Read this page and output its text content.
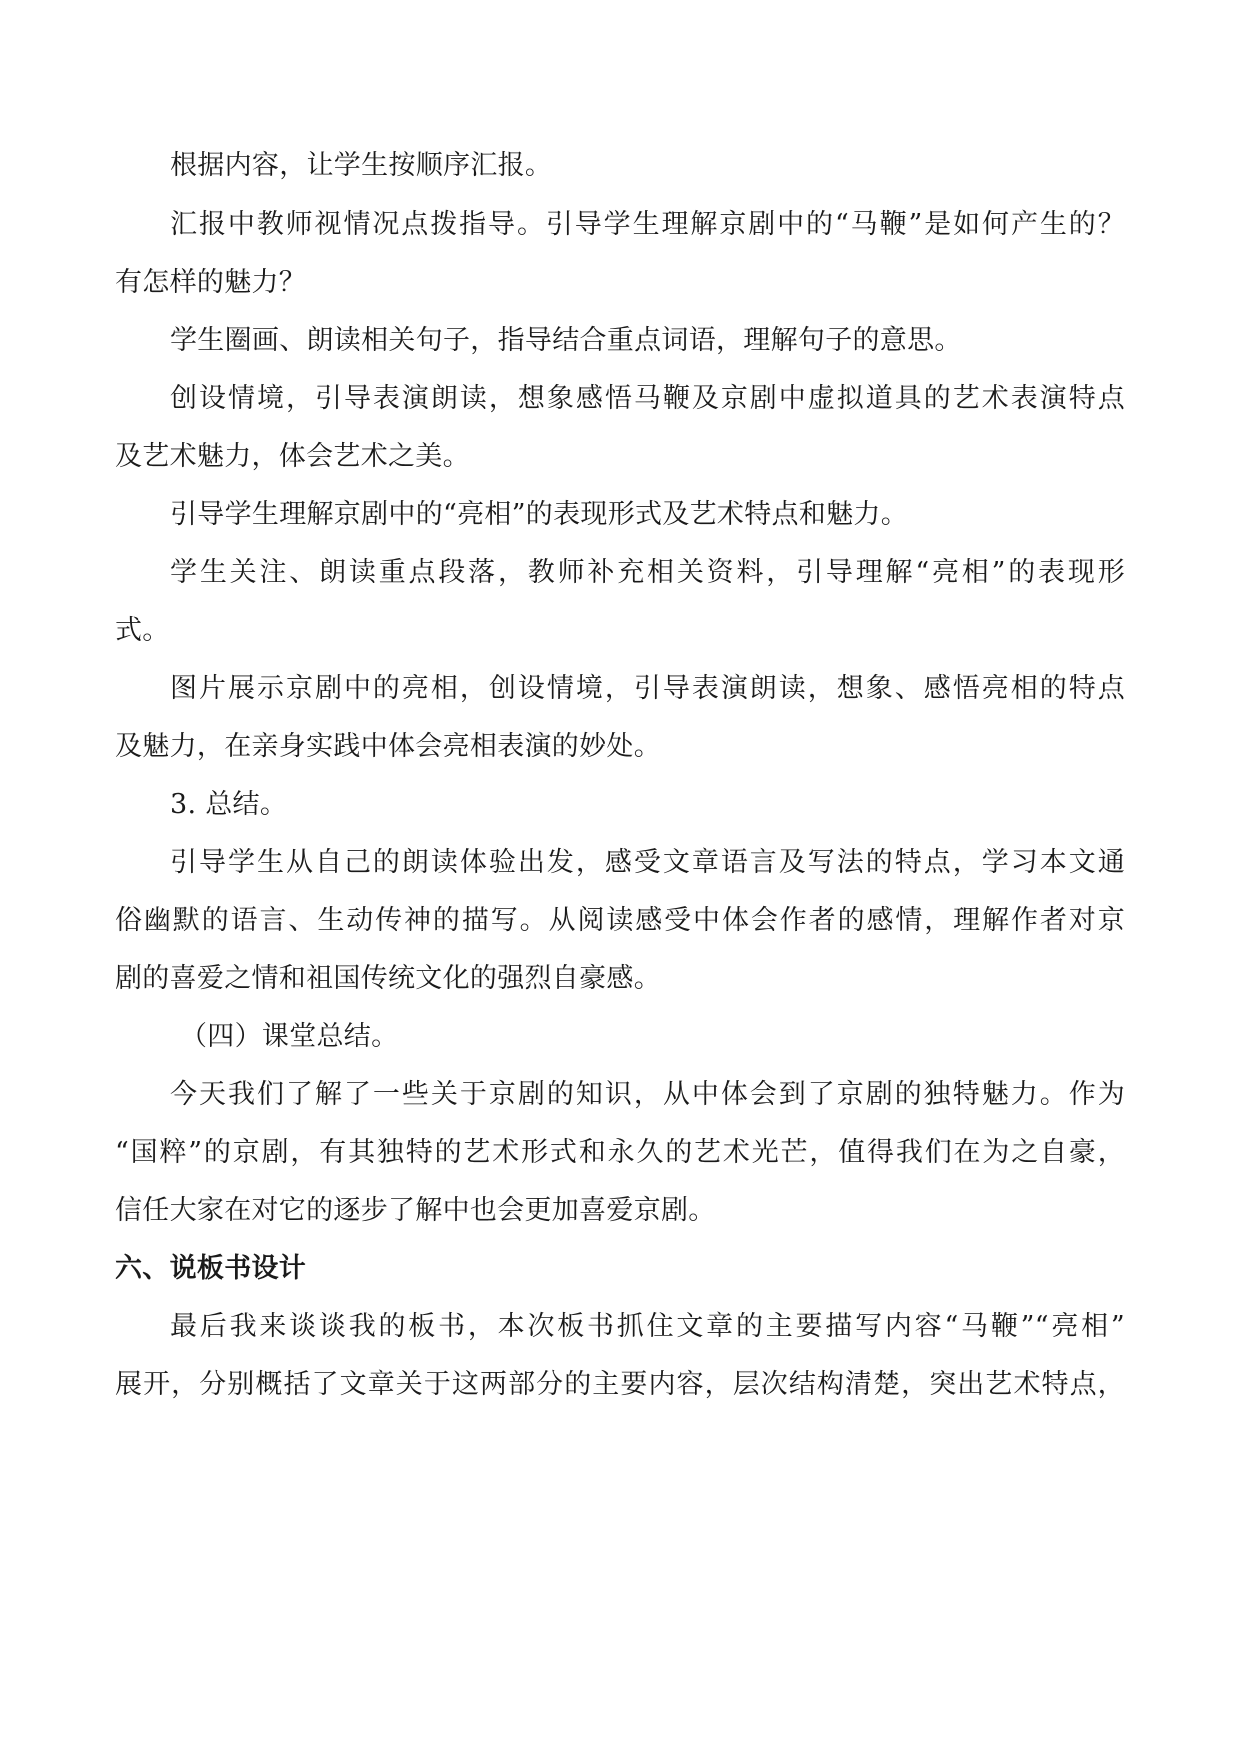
根据内容，让学生按顺序汇报。
汇报中教师视情况点拨指导。引导学生理解京剧中的“马鞭”是如何产生的？
有怎样的魅力？
学生圈画、朗读相关句子，指导结合重点词语，理解句子的意思。
创设情境，引导表演朗读，想象感悟马鞭及京剧中虚拟道具的艺术表演特点
及艺术魅力，体会艺术之美。
引导学生理解京剧中的“亮相”的表现形式及艺术特点和魅力。
学生关注、朗读重点段落，教师补充相关资料，引导理解“亮相”的表现形
式。
图片展示京剧中的亮相，创设情境，引导表演朗读，想象、感悟亮相的特点
及魅力，在亲身实践中体会亮相表演的妙处。
3. 总结。
引导学生从自己的朗读体验出发，感受文章语言及写法的特点，学习本文通
俗幽默的语言、生动传神的描写。从阅读感受中体会作者的感情，理解作者对京
剧的喜爱之情和祖国传统文化的强烈自豪感。
（四）课堂总结。
今天我们了解了一些关于京剧的知识，从中体会到了京剧的独特魅力。作为
“国粹”的京剧，有其独特的艺术形式和永久的艺术光芒，值得我们在为之自豪，
信任大家在对它的逐步了解中也会更加喜爱京剧。
六、说板书设计
最后我来谈谈我的板书，本次板书抓住文章的主要描写内容“马鞭”“亮相”
展开，分别概括了文章关于这两部分的主要内容，层次结构清楚，突出艺术特点，
